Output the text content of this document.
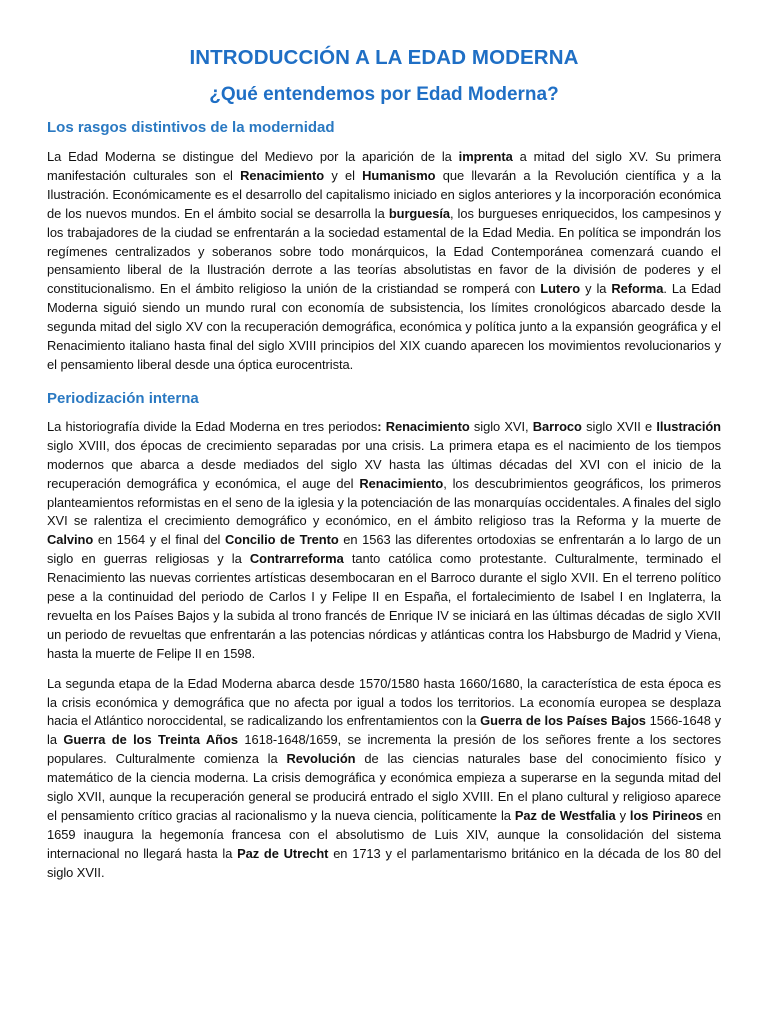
INTRODUCCIÓN A LA EDAD MODERNA
¿Qué entendemos por Edad Moderna?
Los rasgos distintivos de la modernidad

La Edad Moderna se distingue del Medievo por la aparición de la imprenta a mitad del siglo XV. Su primera manifestación culturales son el Renacimiento y el Humanismo que llevarán a la Revolución científica y a la Ilustración. Económicamente es el desarrollo del capitalismo iniciado en siglos anteriores y la incorporación económica de los nuevos mundos. En el ámbito social se desarrolla la burguesía, los burgueses enriquecidos, los campesinos y los trabajadores de la ciudad se enfrentarán a la sociedad estamental de la Edad Media. En política se impondrán los regímenes centralizados y soberanos sobre todo monárquicos, la Edad Contemporánea comenzará cuando el pensamiento liberal de la Ilustración derrote a las teorías absolutistas en favor de la división de poderes y el constitucionalismo. En el ámbito religioso la unión de la cristiandad se romperá con Lutero y la Reforma. La Edad Moderna siguió siendo un mundo rural con economía de subsistencia, los límites cronológicos abarcado desde la segunda mitad del siglo XV con la recuperación demográfica, económica y política junto a la expansión geográfica y el Renacimiento italiano hasta final del siglo XVIII principios del XIX cuando aparecen los movimientos revolucionarios y el pensamiento liberal desde una óptica eurocentrista.

Periodización interna

La historiografía divide la Edad Moderna en tres periodos: Renacimiento siglo XVI, Barroco siglo XVII e Ilustración siglo XVIII, dos épocas de crecimiento separadas por una crisis. La primera etapa es el nacimiento de los tiempos modernos que abarca a desde mediados del siglo XV hasta las últimas décadas del XVI con el inicio de la recuperación demográfica y económica, el auge del Renacimiento, los descubrimientos geográficos, los primeros planteamientos reformistas en el seno de la iglesia y la potenciación de las monarquías occidentales. A finales del siglo XVI se ralentiza el crecimiento demográfico y económico, en el ámbito religioso tras la Reforma y la muerte de Calvino en 1564 y el final del Concilio de Trento en 1563 las diferentes ortodoxias se enfrentarán a lo largo de un siglo en guerras religiosas y la Contrarreforma tanto católica como protestante. Culturalmente, terminado el Renacimiento las nuevas corrientes artísticas desembocaran en el Barroco durante el siglo XVII. En el terreno político pese a la continuidad del periodo de Carlos I y Felipe II en España, el fortalecimiento de Isabel I en Inglaterra, la revuelta en los Países Bajos y la subida al trono francés de Enrique IV se iniciará en las últimas décadas de siglo XVII un periodo de revueltas que enfrentarán a las potencias nórdicas y atlánticas contra los Habsburgo de Madrid y Viena, hasta la muerte de Felipe II en 1598.

La segunda etapa de la Edad Moderna abarca desde 1570/1580 hasta 1660/1680, la característica de esta época es la crisis económica y demográfica que no afecta por igual a todos los territorios. La economía europea se desplaza hacia el Atlántico noroccidental, se radicalizando los enfrentamientos con la Guerra de los Países Bajos 1566-1648 y la Guerra de los Treinta Años 1618-1648/1659, se incrementa la presión de los señores frente a los sectores populares. Culturalmente comienza la Revolución de las ciencias naturales base del conocimiento físico y matemático de la ciencia moderna. La crisis demográfica y económica empieza a superarse en la segunda mitad del siglo XVII, aunque la recuperación general se producirá entrado el siglo XVIII. En el plano cultural y religioso aparece el pensamiento crítico gracias al racionalismo y la nueva ciencia, políticamente la Paz de Westfalia y los Pirineos en 1659 inaugura la hegemonía francesa con el absolutismo de Luis XIV, aunque la consolidación del sistema internacional no llegará hasta la Paz de Utrecht en 1713 y el parlamentarismo británico en la década de los 80 del siglo XVII.
